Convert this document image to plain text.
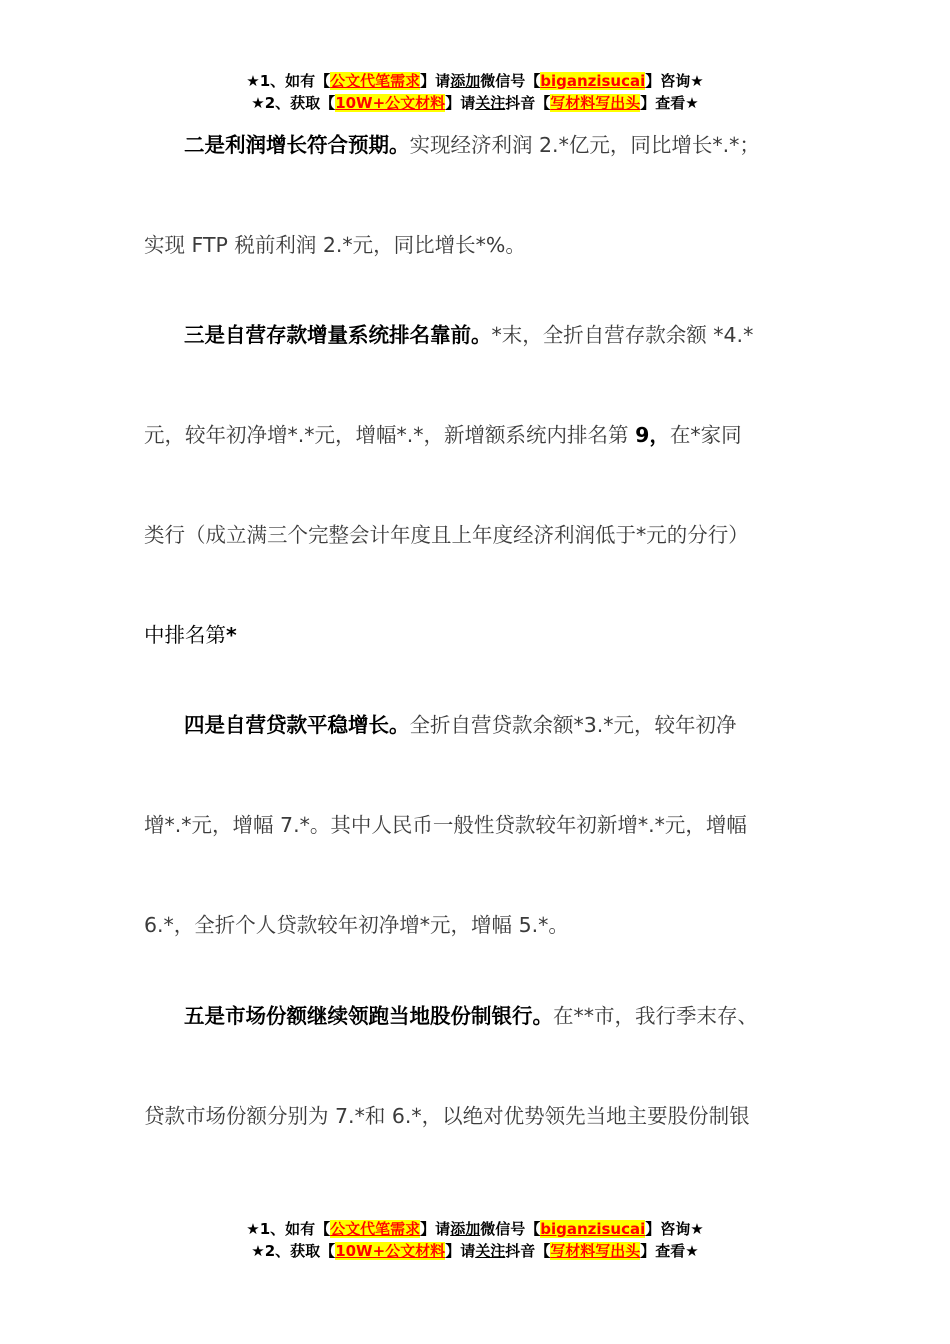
★1、如有【公文代笔需求】请添加微信号【biganzisucai】咨询★
★2、获取【10W+公文材料】请关注抖音【写材料写出头】查看★
二是利润增长符合预期。实现经济利润 2.*亿元，同比增长*.*；
实现 FTP 税前利润 2.*元，同比增长*%。
三是自营存款增量系统排名靠前。*末，全折自营存款余额 *4.*
元，较年初净增*.*元，增幅*.*，新增额系统内排名第 9，在*家同
类行（成立满三个完整会计年度且上年度经济利润低于*元的分行）
中排名第*
四是自营贷款平稳增长。全折自营贷款余额*3.*元，较年初净
增*.*元，增幅 7.*。其中人民币一般性贷款较年初新增*.*元，增幅
6.*，全折个人贷款较年初净增*元，增幅 5.*。
五是市场份额继续领跑当地股份制银行。在**市，我行季末存、
贷款市场份额分别为 7.*和 6.*，以绝对优势领先当地主要股份制银
★1、如有【公文代笔需求】请添加微信号【biganzisucai】咨询★
★2、获取【10W+公文材料】请关注抖音【写材料写出头】查看★
